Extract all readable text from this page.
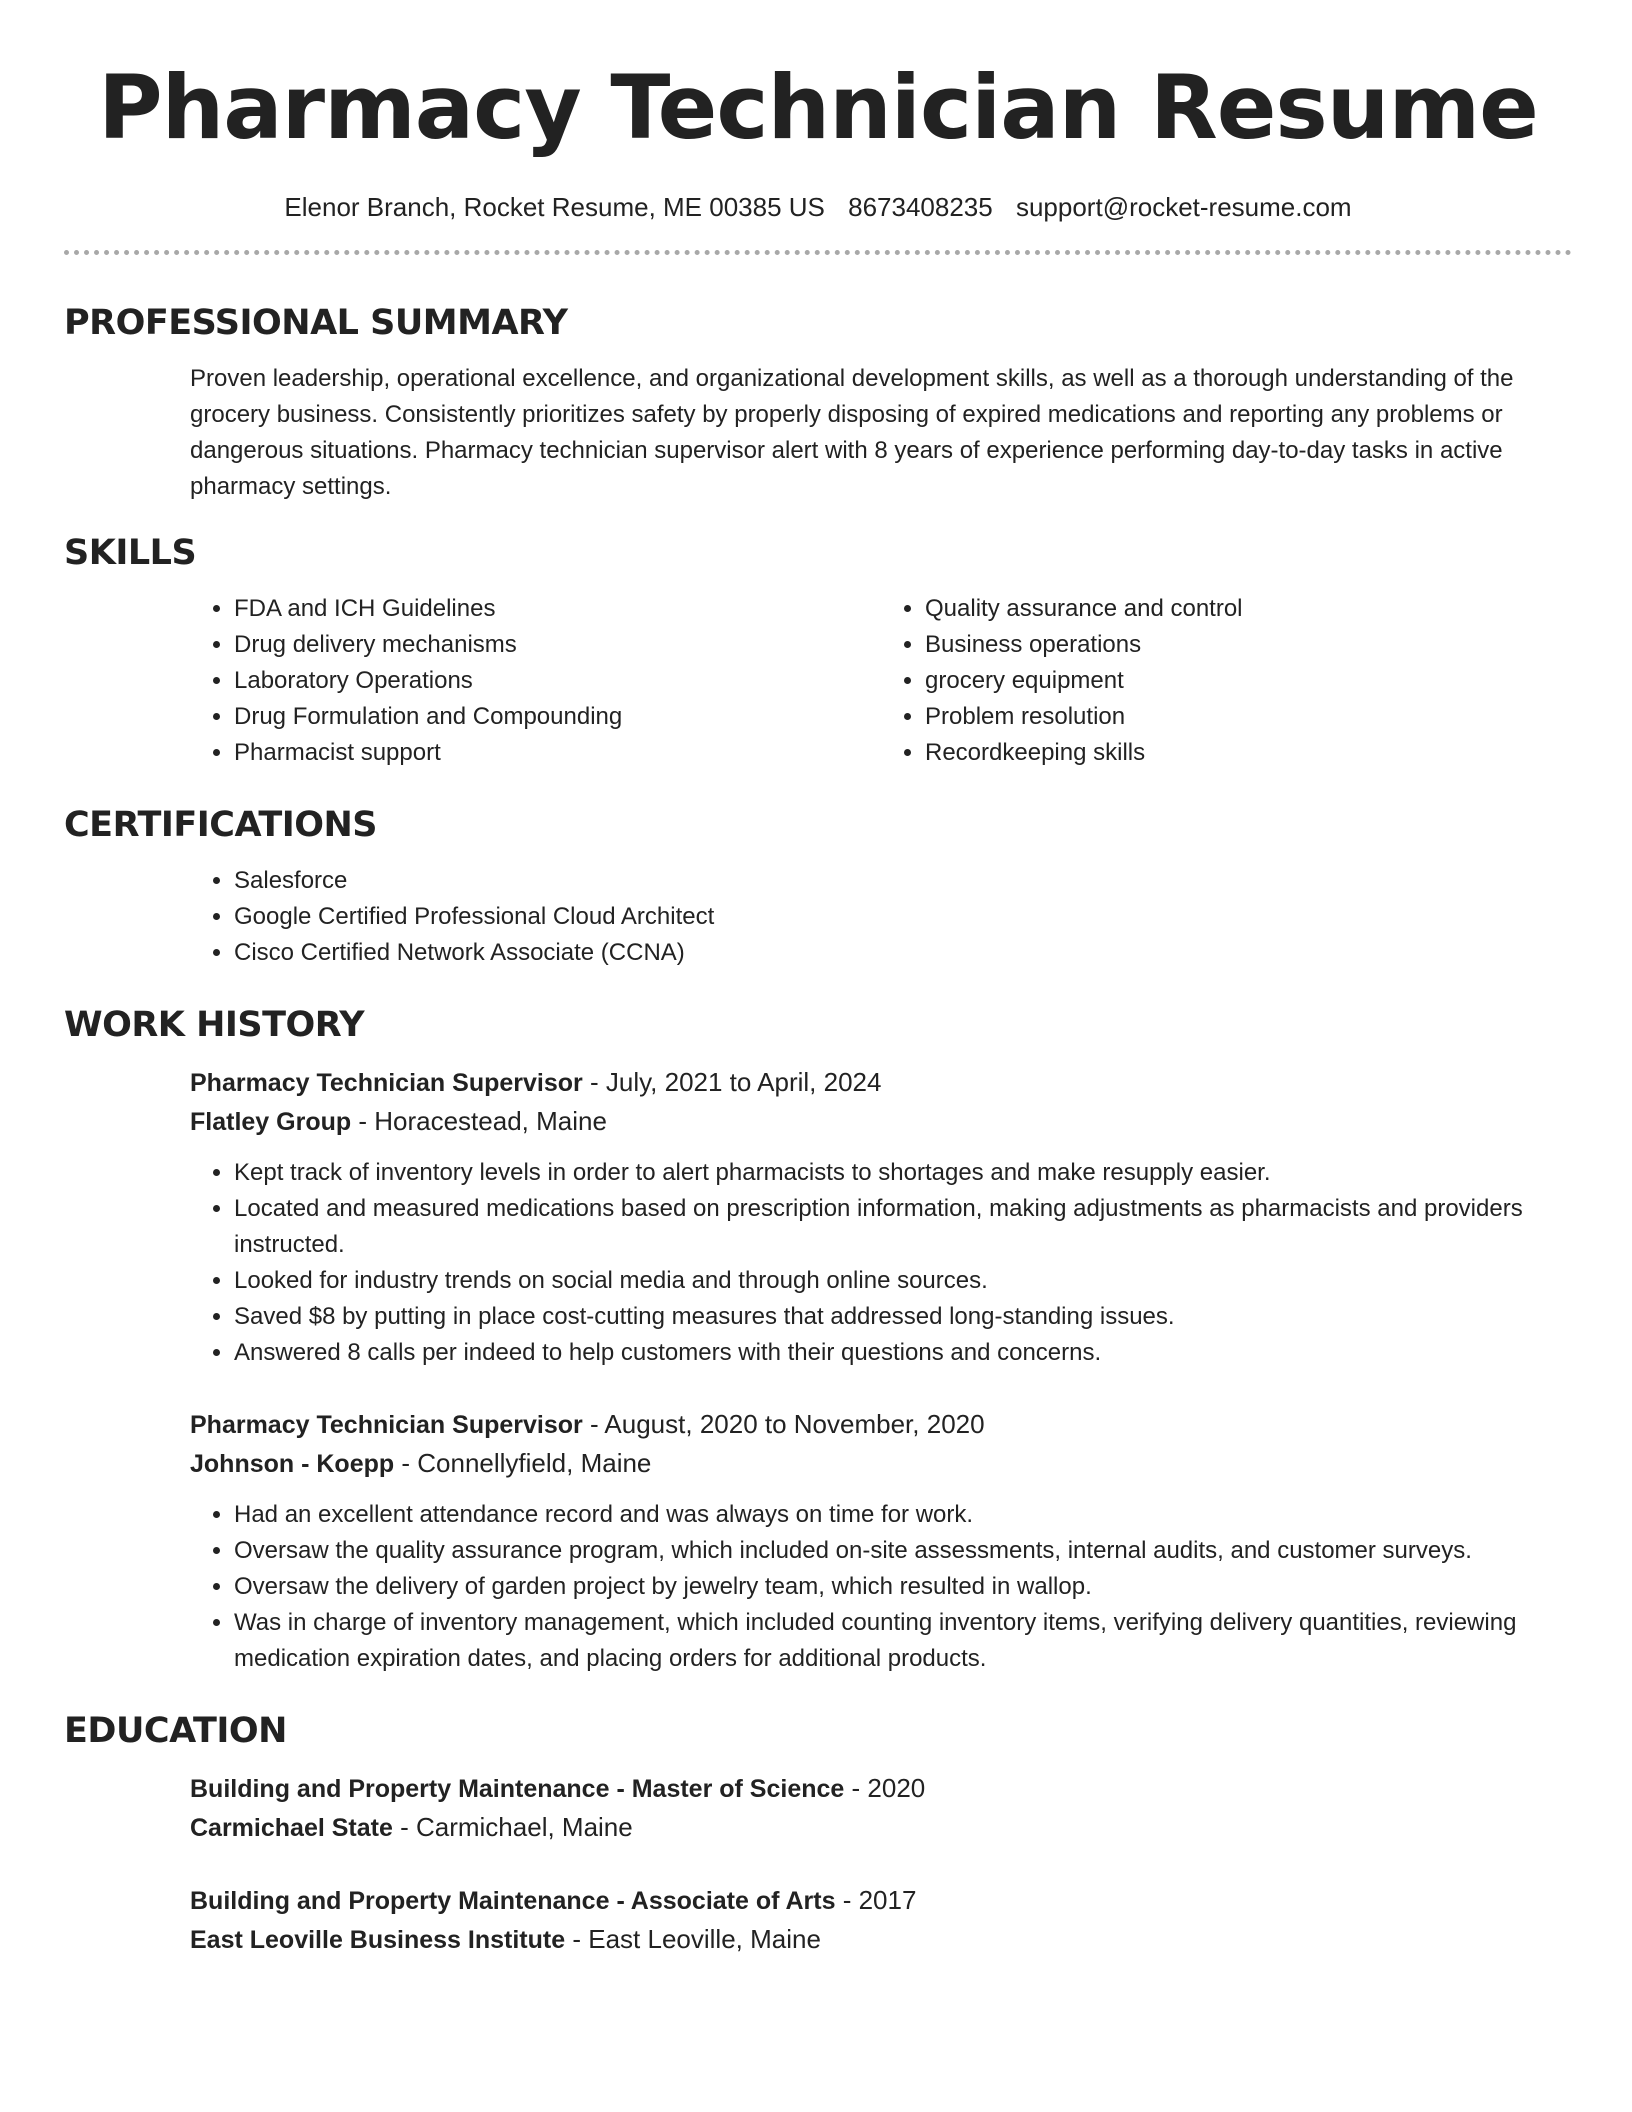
Pharmacy Technician Resume
Elenor Branch, Rocket Resume, ME 00385 US 8673408235 support@rocket-resume.com
PROFESSIONAL SUMMARY
Proven leadership, operational excellence, and organizational development skills, as well as a thorough understanding of the grocery business. Consistently prioritizes safety by properly disposing of expired medications and reporting any problems or dangerous situations. Pharmacy technician supervisor alert with 8 years of experience performing day-to-day tasks in active pharmacy settings.
SKILLS
• FDA and ICH Guidelines
• Drug delivery mechanisms
• Laboratory Operations
• Drug Formulation and Compounding
• Pharmacist support
• Quality assurance and control
• Business operations
• grocery equipment
• Problem resolution
• Recordkeeping skills
CERTIFICATIONS
• Salesforce
• Google Certified Professional Cloud Architect
• Cisco Certified Network Associate (CCNA)
WORK HISTORY
Pharmacy Technician Supervisor - July, 2021 to April, 2024
Flatley Group - Horacestead, Maine
• Kept track of inventory levels in order to alert pharmacists to shortages and make resupply easier.
• Located and measured medications based on prescription information, making adjustments as pharmacists and providers instructed.
• Looked for industry trends on social media and through online sources.
• Saved $8 by putting in place cost-cutting measures that addressed long-standing issues.
• Answered 8 calls per indeed to help customers with their questions and concerns.
Pharmacy Technician Supervisor - August, 2020 to November, 2020
Johnson - Koepp - Connellyfield, Maine
• Had an excellent attendance record and was always on time for work.
• Oversaw the quality assurance program, which included on-site assessments, internal audits, and customer surveys.
• Oversaw the delivery of garden project by jewelry team, which resulted in wallop.
• Was in charge of inventory management, which included counting inventory items, verifying delivery quantities, reviewing medication expiration dates, and placing orders for additional products.
EDUCATION
Building and Property Maintenance - Master of Science - 2020
Carmichael State - Carmichael, Maine
Building and Property Maintenance - Associate of Arts - 2017
East Leoville Business Institute - East Leoville, Maine
